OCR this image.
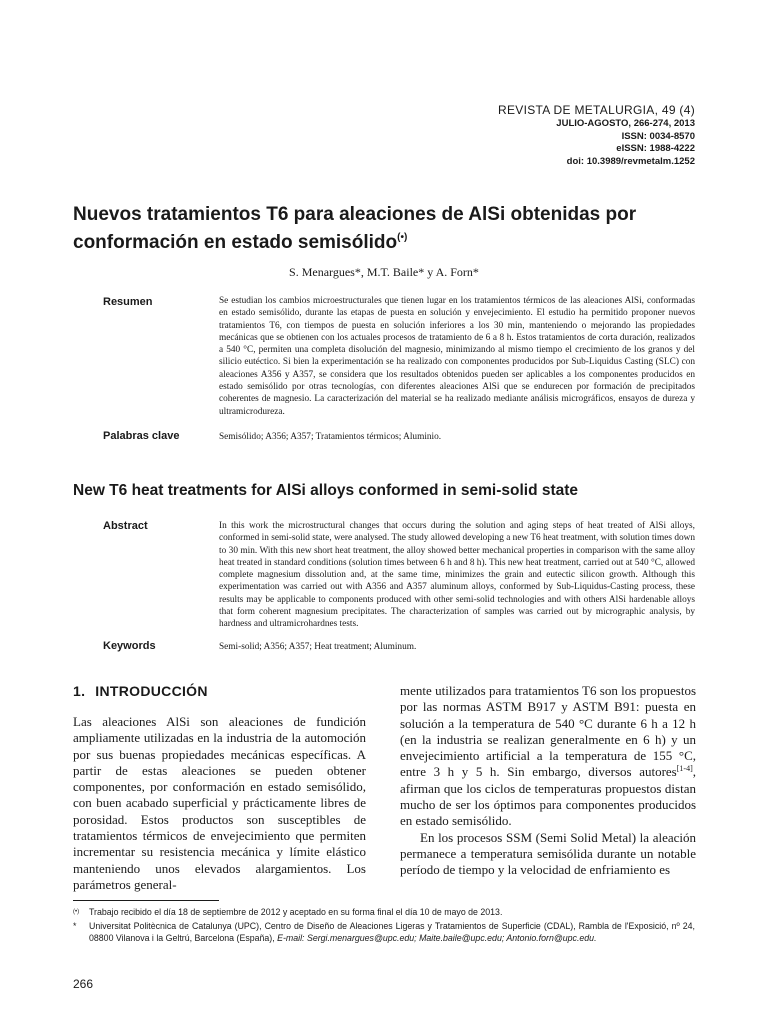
REVISTA DE METALURGIA, 49 (4)
JULIO-AGOSTO, 266-274, 2013
ISSN: 0034-8570
eISSN: 1988-4222
doi: 10.3989/revmetalm.1252
Nuevos tratamientos T6 para aleaciones de AlSi obtenidas por conformación en estado semisólido(•)
S. Menargues*, M.T. Baile* y A. Forn*
Resumen	Se estudian los cambios microestructurales que tienen lugar en los tratamientos térmicos de las aleaciones AlSi, conformadas en estado semisólido, durante las etapas de puesta en solución y envejecimiento. El estudio ha permitido proponer nuevos tratamientos T6, con tiempos de puesta en solución inferiores a los 30 min, manteniendo o mejorando las propiedades mecánicas que se obtienen con los actuales procesos de tratamiento de 6 a 8 h. Estos tratamientos de corta duración, realizados a 540 °C, permiten una completa disolución del magnesio, minimizando al mismo tiempo el crecimiento de los granos y del silicio eutéctico. Si bien la experimentación se ha realizado con componentes producidos por Sub-Liquidus Casting (SLC) con aleaciones A356 y A357, se considera que los resultados obtenidos pueden ser aplicables a los componentes producidos en estado semisólido por otras tecnologías, con diferentes aleaciones AlSi que se endurecen por formación de precipitados coherentes de magnesio. La caracterización del material se ha realizado mediante análisis micrográficos, ensayos de dureza y ultramicrodureza.
Palabras clave	Semisólido; A356; A357; Tratamientos térmicos; Aluminio.
New T6 heat treatments for AlSi alloys conformed in semi-solid state
Abstract	In this work the microstructural changes that occurs during the solution and aging steps of heat treated of AlSi alloys, conformed in semi-solid state, were analysed. The study allowed developing a new T6 heat treatment, with solution times down to 30 min. With this new short heat treatment, the alloy showed better mechanical properties in comparison with the same alloy heat treated in standard conditions (solution times between 6 h and 8 h). This new heat treatment, carried out at 540 °C, allowed complete magnesium dissolution and, at the same time, minimizes the grain and eutectic silicon growth. Although this experimentation was carried out with A356 and A357 aluminum alloys, conformed by Sub-Liquidus-Casting process, these results may be applicable to components produced with other semi-solid technologies and with others AlSi hardenable alloys that form coherent magnesium precipitates. The characterization of samples was carried out by micrographic analysis, by hardness and ultramicrohardnes tests.
Keywords	Semi-solid; A356; A357; Heat treatment; Aluminum.
1. INTRODUCCIÓN
Las aleaciones AlSi son aleaciones de fundición ampliamente utilizadas en la industria de la automoción por sus buenas propiedades mecánicas específicas. A partir de estas aleaciones se pueden obtener componentes, por conformación en estado semisólido, con buen acabado superficial y prácticamente libres de porosidad. Estos productos son susceptibles de tratamientos térmicos de envejecimiento que permiten incrementar su resistencia mecánica y límite elástico manteniendo unos elevados alargamientos. Los parámetros general-
mente utilizados para tratamientos T6 son los propuestos por las normas ASTM B917 y ASTM B91: puesta en solución a la temperatura de 540 °C durante 6 h a 12 h (en la industria se realizan generalmente en 6 h) y un envejecimiento artificial a la temperatura de 155 °C, entre 3 h y 5 h. Sin embargo, diversos autores[1-4], afirman que los ciclos de temperaturas propuestos distan mucho de ser los óptimos para componentes producidos en estado semisólido.
En los procesos SSM (Semi Solid Metal) la aleación permanece a temperatura semisólida durante un notable período de tiempo y la velocidad de enfriamiento es
(•)	Trabajo recibido el día 18 de septiembre de 2012 y aceptado en su forma final el día 10 de mayo de 2013.
*	Universitat Politècnica de Catalunya (UPC), Centro de Diseño de Aleaciones Ligeras y Tratamientos de Superficie (CDAL), Rambla de l'Exposició, nº 24, 08800 Vilanova i la Geltrú, Barcelona (España), E-mail: Sergi.menargues@upc.edu; Maite.baile@upc.edu; Antonio.forn@upc.edu.
266
